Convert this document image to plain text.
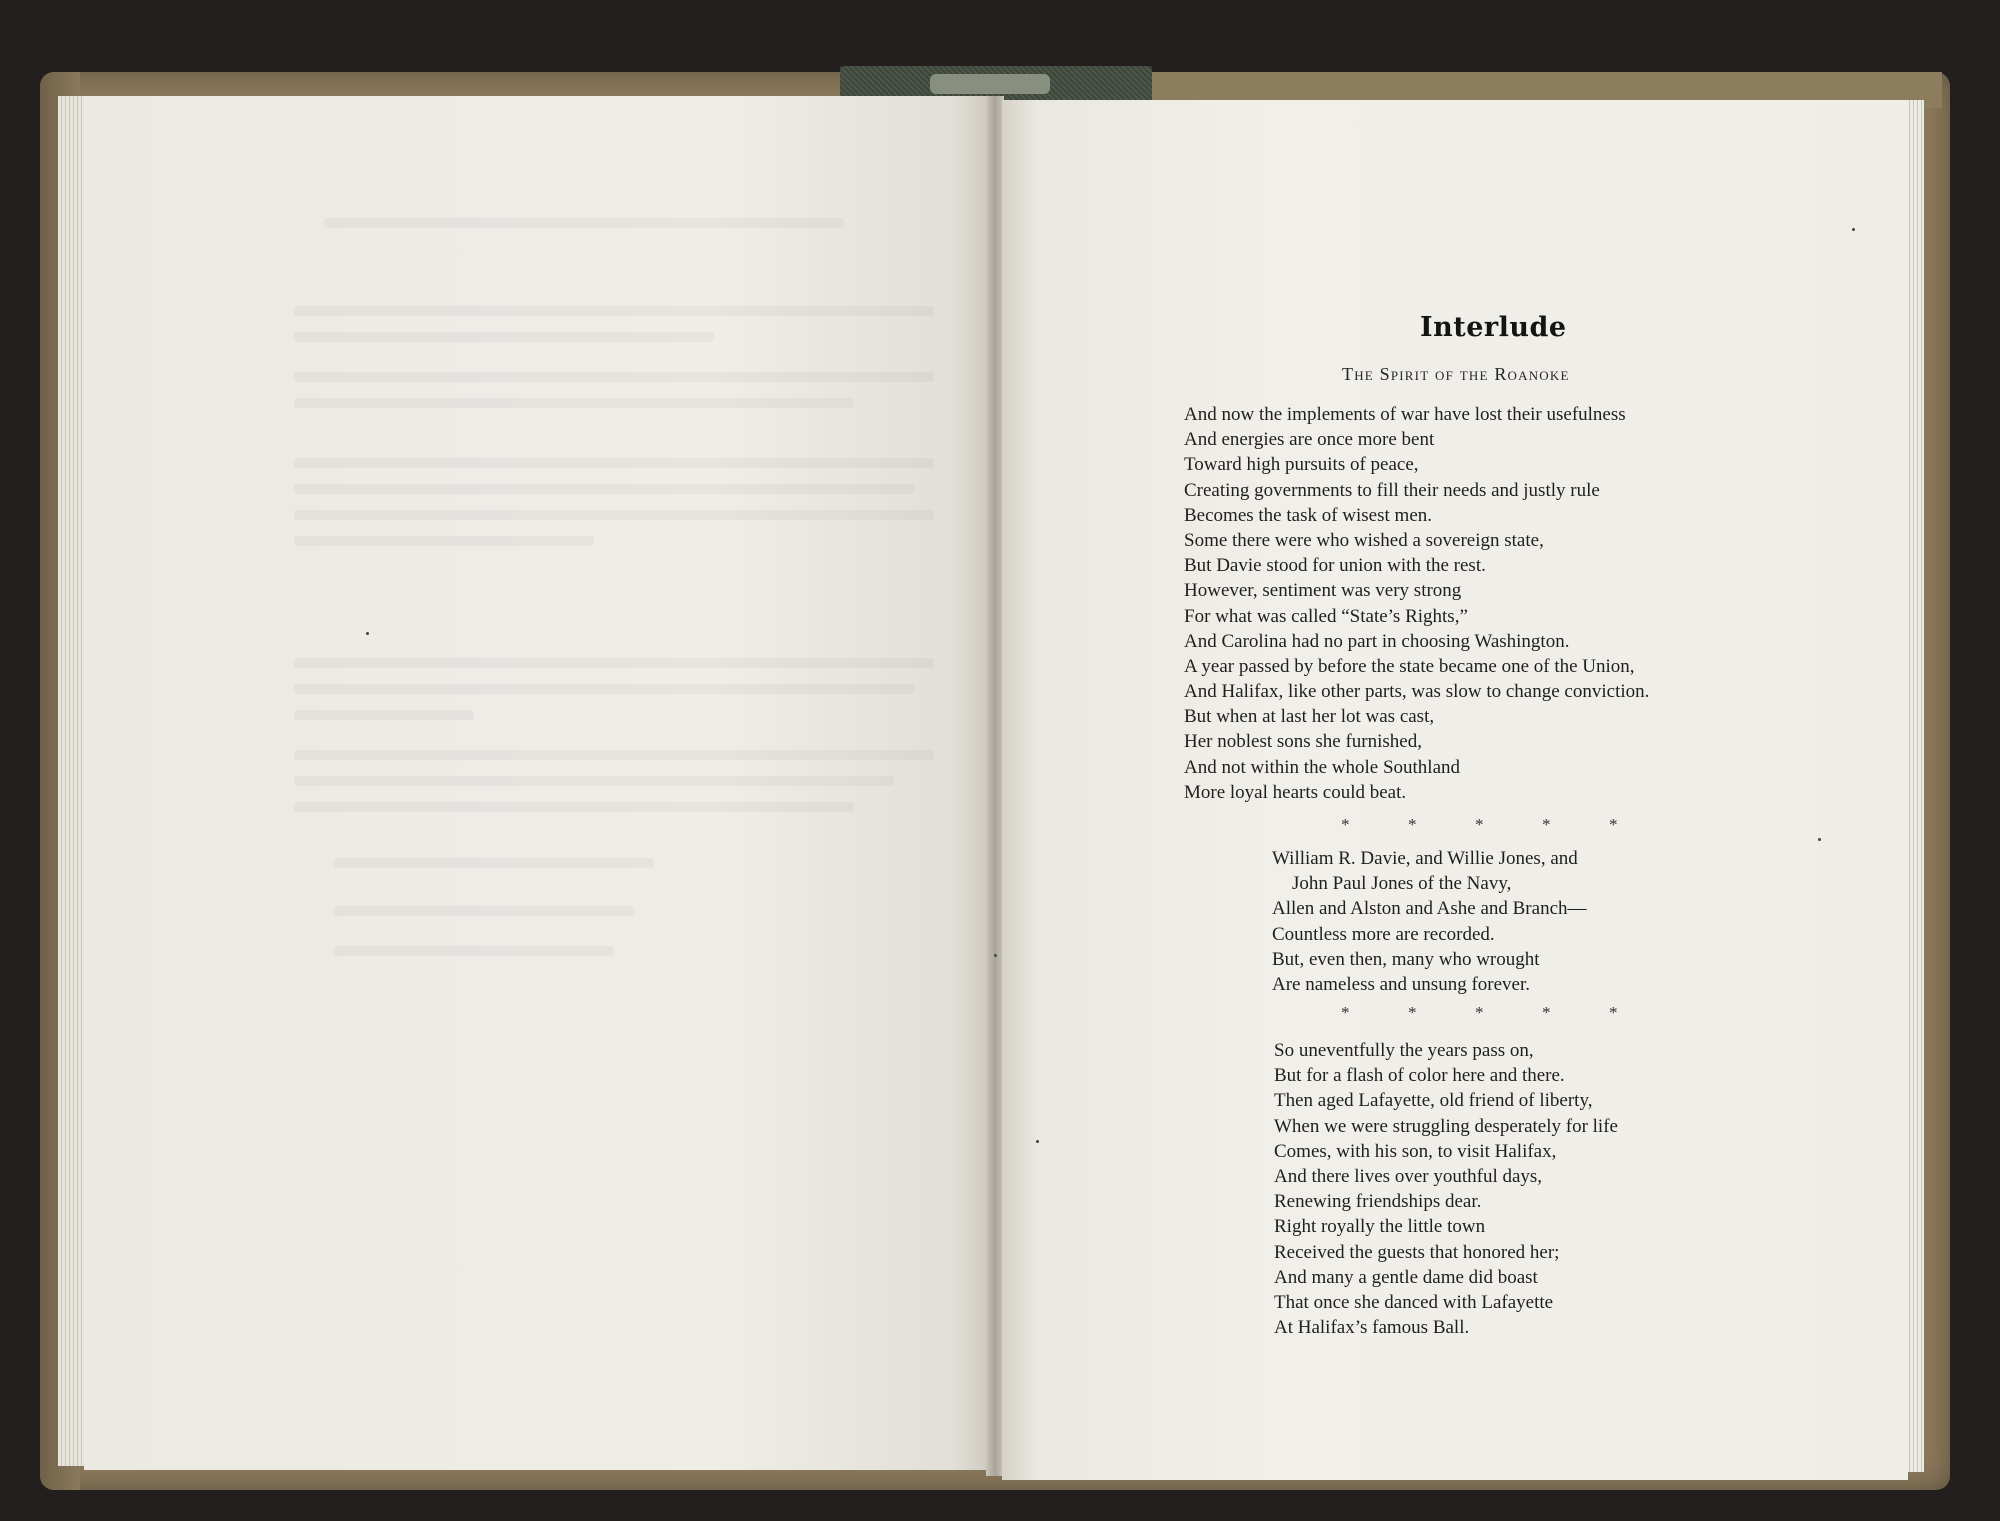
Interlude
The Spirit of the Roanoke
And now the implements of war have lost their usefulness
And energies are once more bent
Toward high pursuits of peace,
Creating governments to fill their needs and justly rule
Becomes the task of wisest men.
Some there were who wished a sovereign state,
But Davie stood for union with the rest.
However, sentiment was very strong
For what was called “State’s Rights,”
And Carolina had no part in choosing Washington.
A year passed by before the state became one of the Union,
And Halifax, like other parts, was slow to change conviction.
But when at last her lot was cast,
Her noblest sons she furnished,
And not within the whole Southland
More loyal hearts could beat.
*	*	*	*	*
William R. Davie, and Willie Jones, and
John Paul Jones of the Navy,
Allen and Alston and Ashe and Branch—
Countless more are recorded.
But, even then, many who wrought
Are nameless and unsung forever.
*	*	*	*	*
So uneventfully the years pass on,
But for a flash of color here and there.
Then aged Lafayette, old friend of liberty,
When we were struggling desperately for life
Comes, with his son, to visit Halifax,
And there lives over youthful days,
Renewing friendships dear.
Right royally the little town
Received the guests that honored her;
And many a gentle dame did boast
That once she danced with Lafayette
At Halifax’s famous Ball.
